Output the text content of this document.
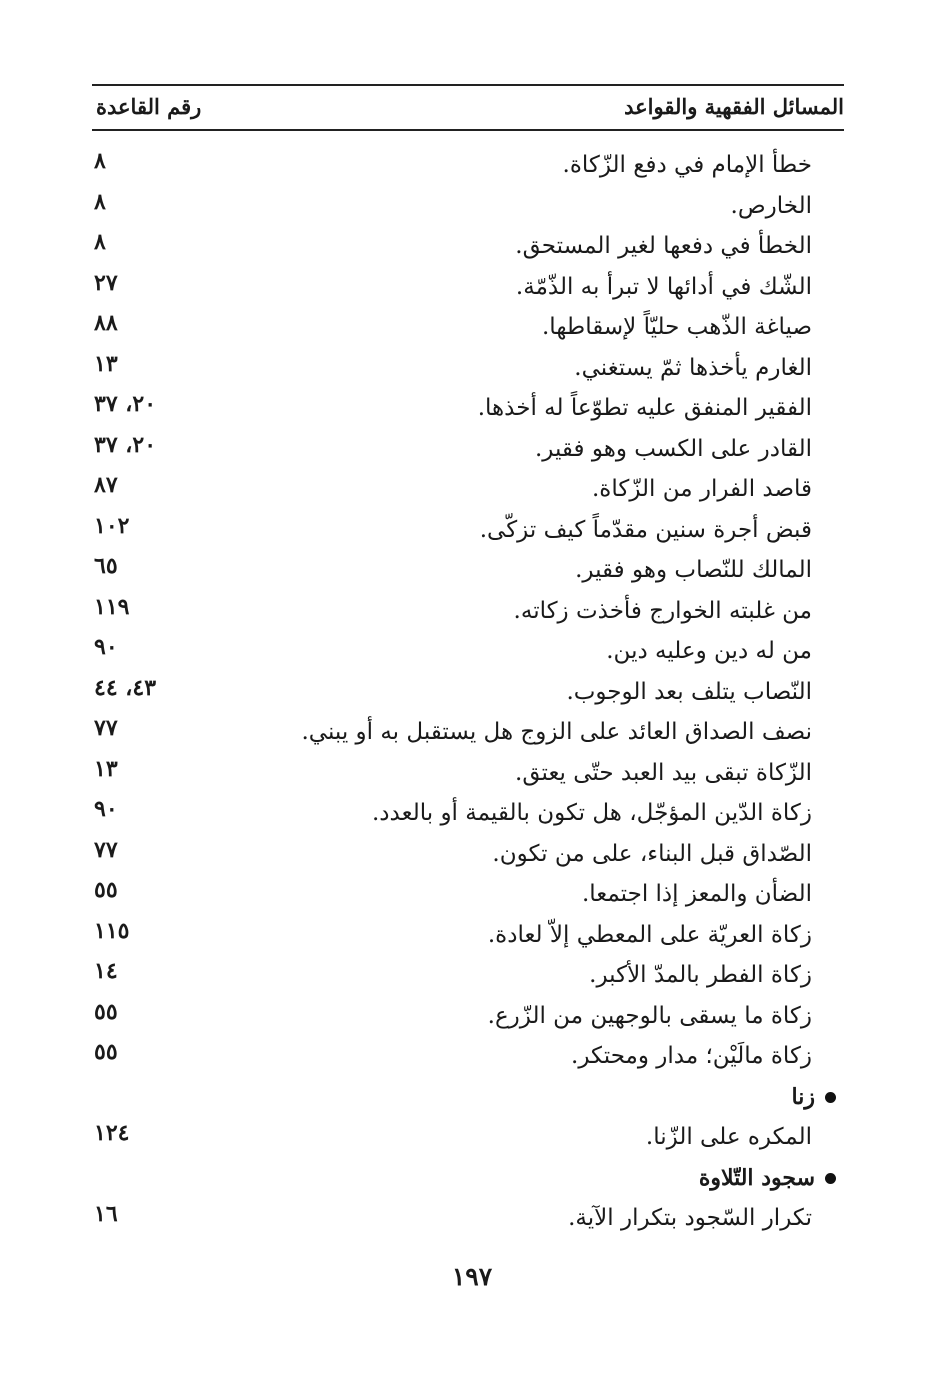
المسائل الفقهية والقواعد
رقم القاعدة
خطأ الإمام في دفع الزّكاة.
٨
الخارص.
٨
الخطأ في دفعها لغير المستحق.
٨
الشّك في أدائها لا تبرأ به الذّمّة.
٢٧
صياغة الذّهب حليّاً لإسقاطها.
٨٨
الغارم يأخذها ثمّ يستغني.
١٣
الفقير المنفق عليه تطوّعاً له أخذها.
٢٠، ٣٧
القادر على الكسب وهو فقير.
٢٠، ٣٧
قاصد الفرار من الزّكاة.
٨٧
قبض أجرة سنين مقدّماً كيف تزكّى.
١٠٢
المالك للنّصاب وهو فقير.
٦٥
من غلبته الخوارج فأخذت زكاته.
١١٩
من له دين وعليه دين.
٩٠
النّصاب يتلف بعد الوجوب.
٤٣، ٤٤
نصف الصداق العائد على الزوج هل يستقبل به أو يبني.
٧٧
الزّكاة تبقى بيد العبد حتّى يعتق.
١٣
زكاة الدّين المؤجّل، هل تكون بالقيمة أو بالعدد.
٩٠
الصّداق قبل البناء، على من تكون.
٧٧
الضأن والمعز إذا اجتمعا.
٥٥
زكاة العريّة على المعطي إلاّ لعادة.
١١٥
زكاة الفطر بالمدّ الأكبر.
١٤
زكاة ما يسقى بالوجهين من الزّرع.
٥٥
زكاة مالَيْن؛ مدار ومحتكر.
٥٥
زنا
المكره على الزّنا.
١٢٤
سجود التّلاوة
تكرار السّجود بتكرار الآية.
١٦
١٩٧
